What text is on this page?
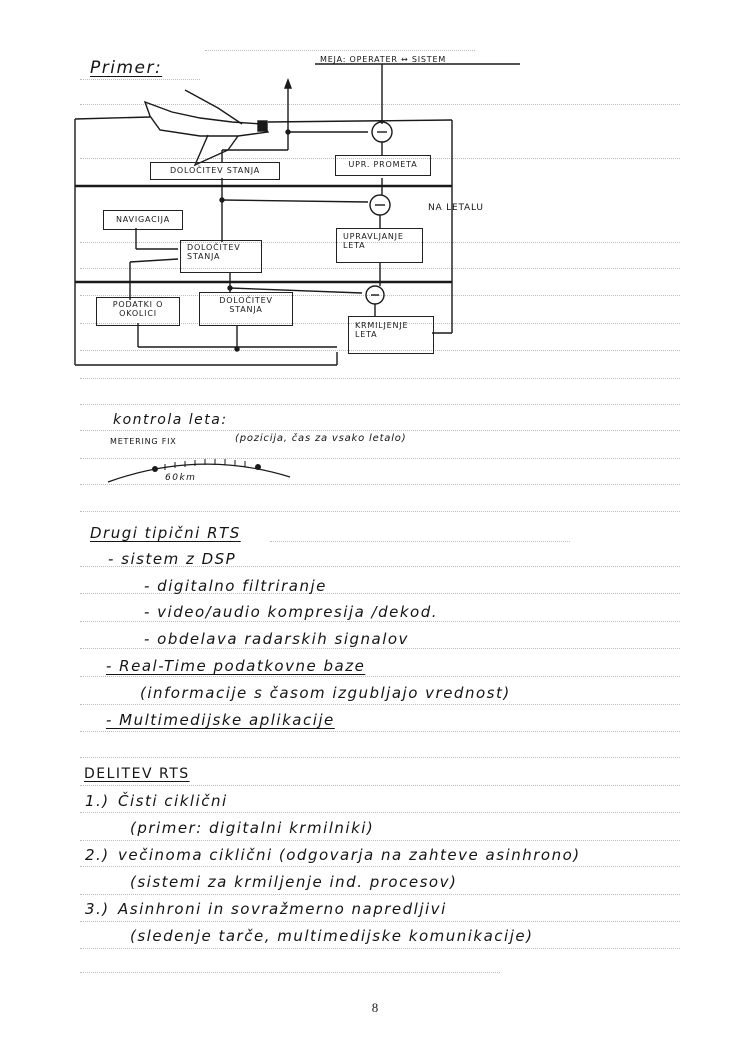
Primer:	MEJA: OPERATER ↔ SISTEM
NA LETALU
DOLOČITEV STANJA
UPR. PROMETA
NAVIGACIJA
DOLOČITEV STANJA
UPRAVLJANJE LETA
PODATKI O OKOLICI
DOLOČITEV STANJA
KRMILJENJE LETA
kontrola leta:
METERING FIX	(pozicija, čas za vsako letalo)
60km
Drugi tipični RTS
- sistem z DSP
- digitalno filtriranje
- video/audio kompresija /dekod.
- obdelava radarskih signalov
- Real-Time podatkovne baze
(informacije s časom izgubljajo vrednost)
- Multimedijske aplikacije
DELITEV RTS
1.) Čisti ciklični
(primer: digitalni krmilniki)
2.) večinoma ciklični (odgovarja na zahteve asinhrono)
(sistemi za krmiljenje ind. procesov)
3.) Asinhroni in sovražmerno napredljivi
(sledenje tarče, multimedijske komunikacije)
8
